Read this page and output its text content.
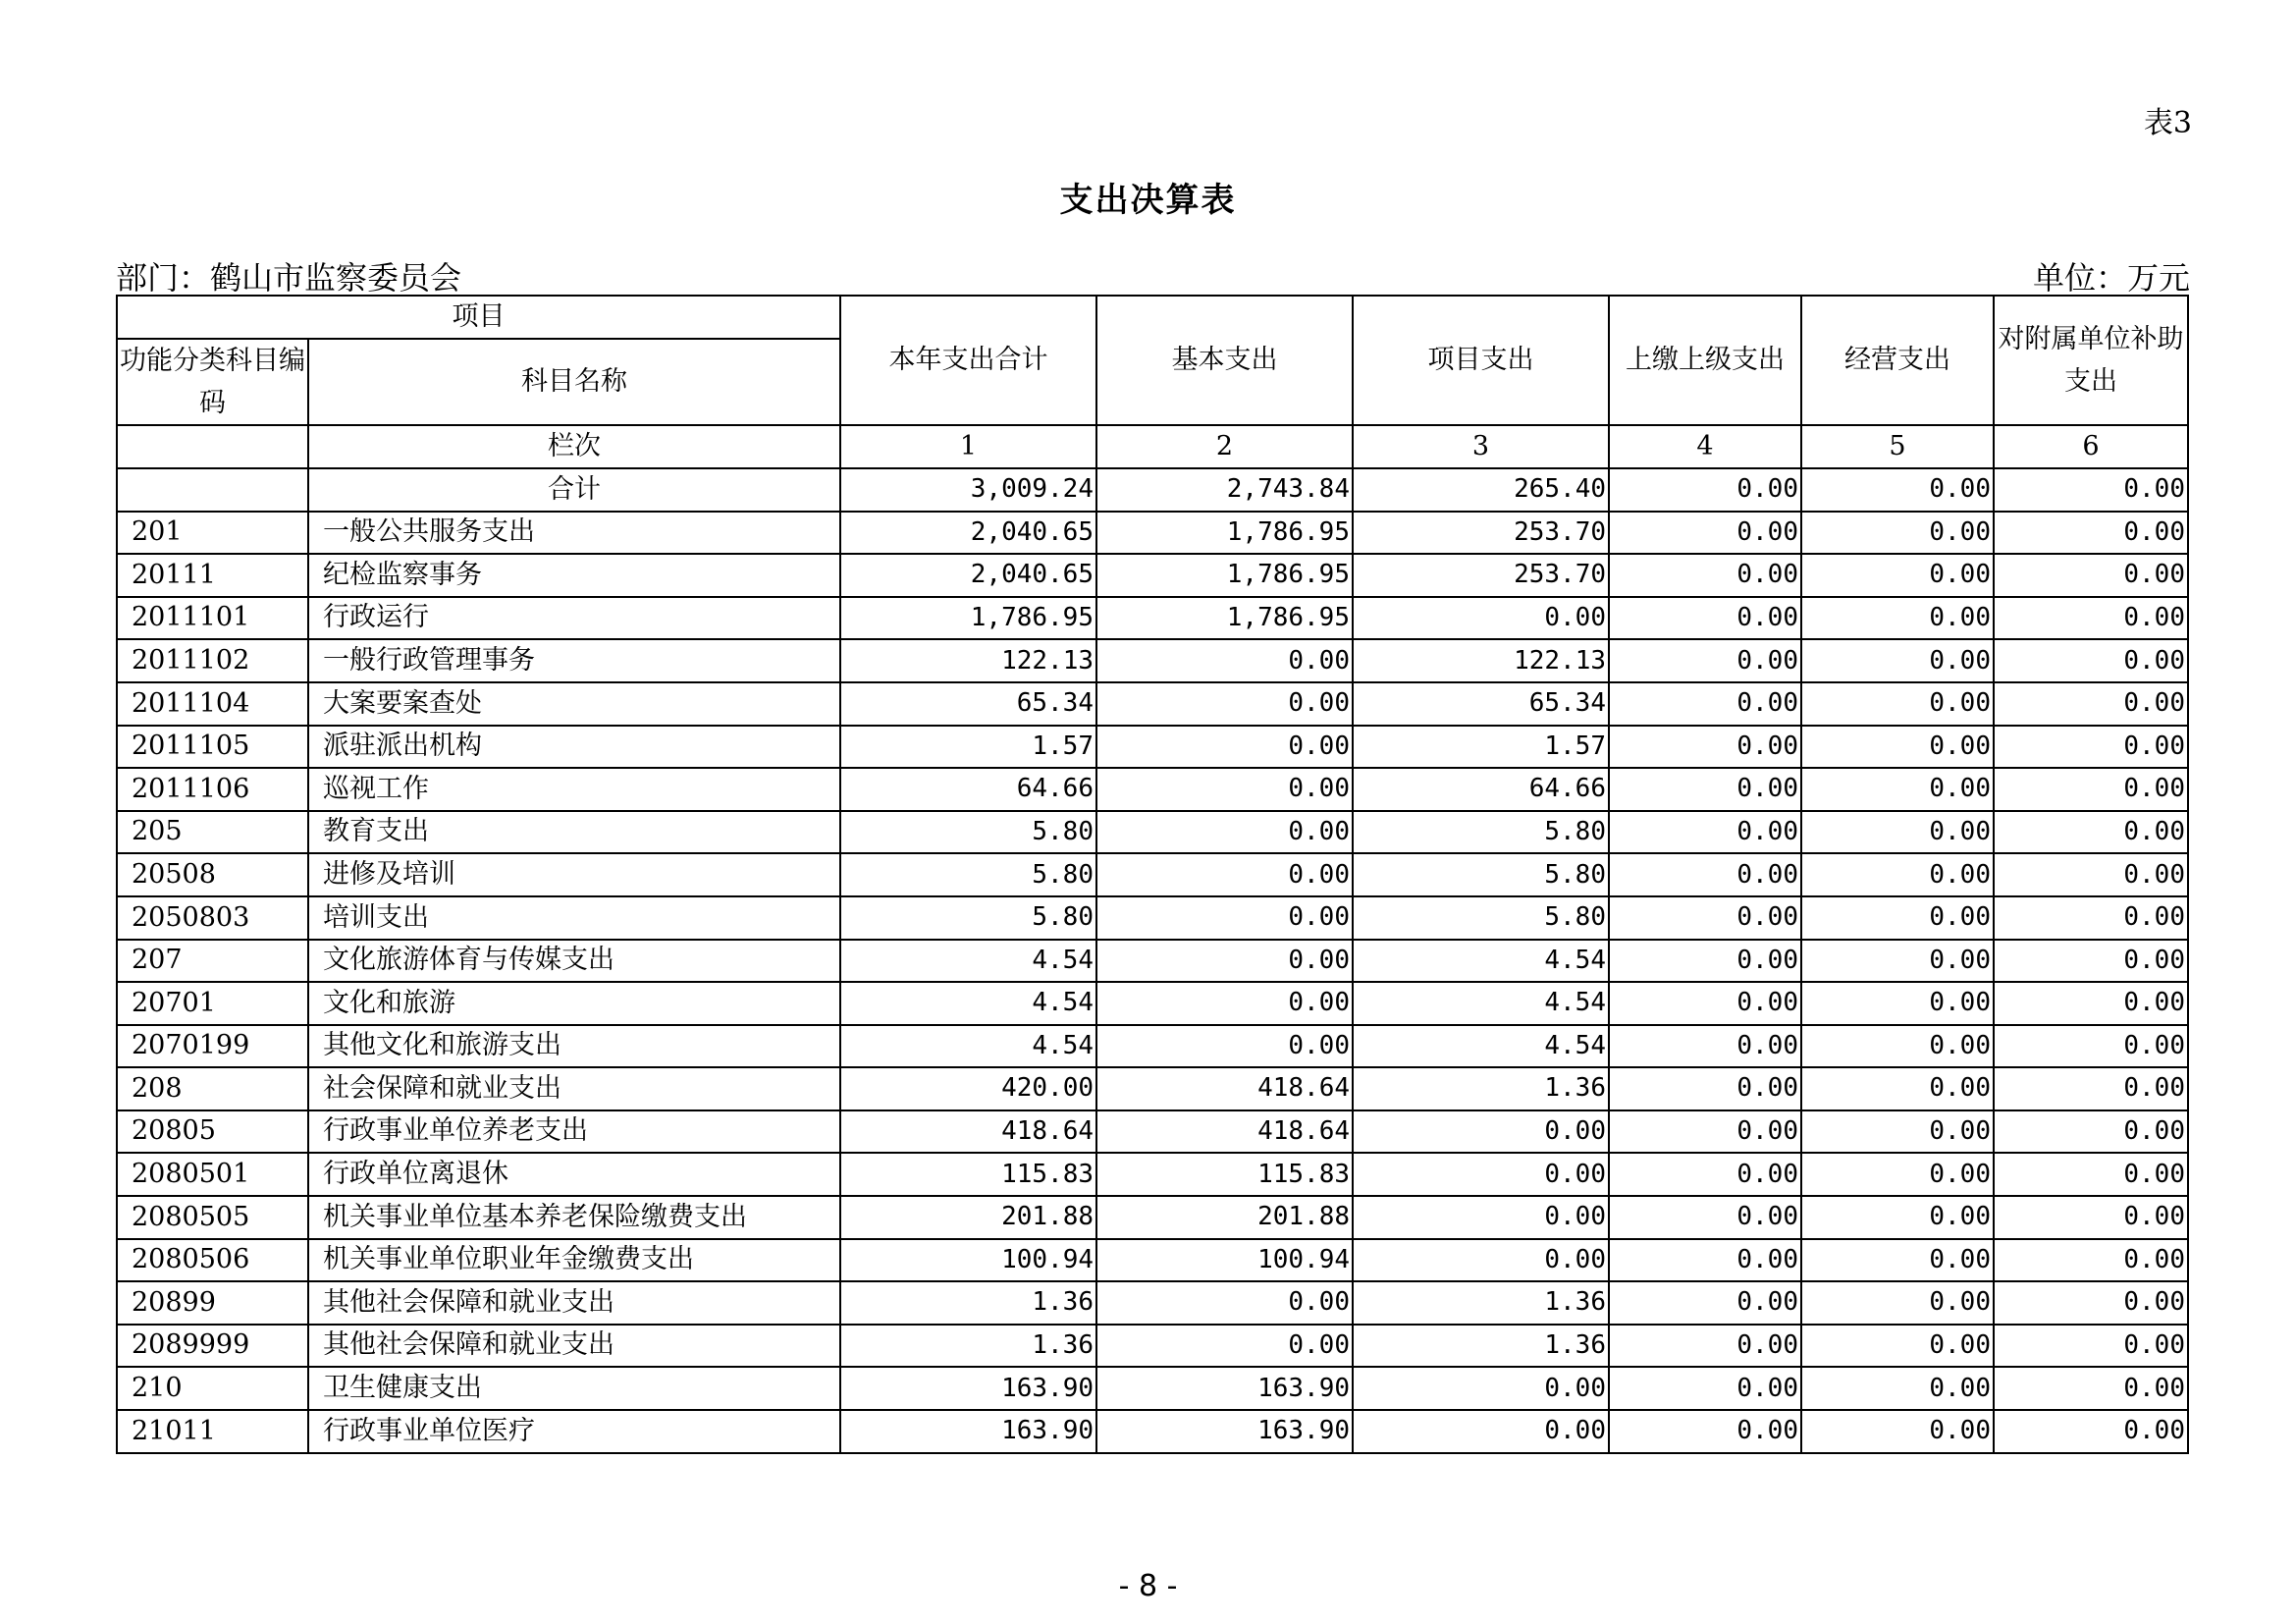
表3
支出决算表
部门：鹤山市监察委员会	单位：万元
项目		本年支出合计	基本支出	项目支出	上缴上级支出	经营支出	对附属单位补助支出
功能分类科目编码	科目名称						
	栏次	1	2	3	4	5	6
	合计	3,009.24	2,743.84	265.40	0.00	0.00	0.00
201	一般公共服务支出	2,040.65	1,786.95	253.70	0.00	0.00	0.00
20111	纪检监察事务	2,040.65	1,786.95	253.70	0.00	0.00	0.00
2011101	行政运行	1,786.95	1,786.95	0.00	0.00	0.00	0.00
2011102	一般行政管理事务	122.13	0.00	122.13	0.00	0.00	0.00
2011104	大案要案查处	65.34	0.00	65.34	0.00	0.00	0.00
2011105	派驻派出机构	1.57	0.00	1.57	0.00	0.00	0.00
2011106	巡视工作	64.66	0.00	64.66	0.00	0.00	0.00
205	教育支出	5.80	0.00	5.80	0.00	0.00	0.00
20508	进修及培训	5.80	0.00	5.80	0.00	0.00	0.00
2050803	培训支出	5.80	0.00	5.80	0.00	0.00	0.00
207	文化旅游体育与传媒支出	4.54	0.00	4.54	0.00	0.00	0.00
20701	文化和旅游	4.54	0.00	4.54	0.00	0.00	0.00
2070199	其他文化和旅游支出	4.54	0.00	4.54	0.00	0.00	0.00
208	社会保障和就业支出	420.00	418.64	1.36	0.00	0.00	0.00
20805	行政事业单位养老支出	418.64	418.64	0.00	0.00	0.00	0.00
2080501	行政单位离退休	115.83	115.83	0.00	0.00	0.00	0.00
2080505	机关事业单位基本养老保险缴费支出	201.88	201.88	0.00	0.00	0.00	0.00
2080506	机关事业单位职业年金缴费支出	100.94	100.94	0.00	0.00	0.00	0.00
20899	其他社会保障和就业支出	1.36	0.00	1.36	0.00	0.00	0.00
2089999	其他社会保障和就业支出	1.36	0.00	1.36	0.00	0.00	0.00
210	卫生健康支出	163.90	163.90	0.00	0.00	0.00	0.00
21011	行政事业单位医疗	163.90	163.90	0.00	0.00	0.00	0.00
- 8 -
